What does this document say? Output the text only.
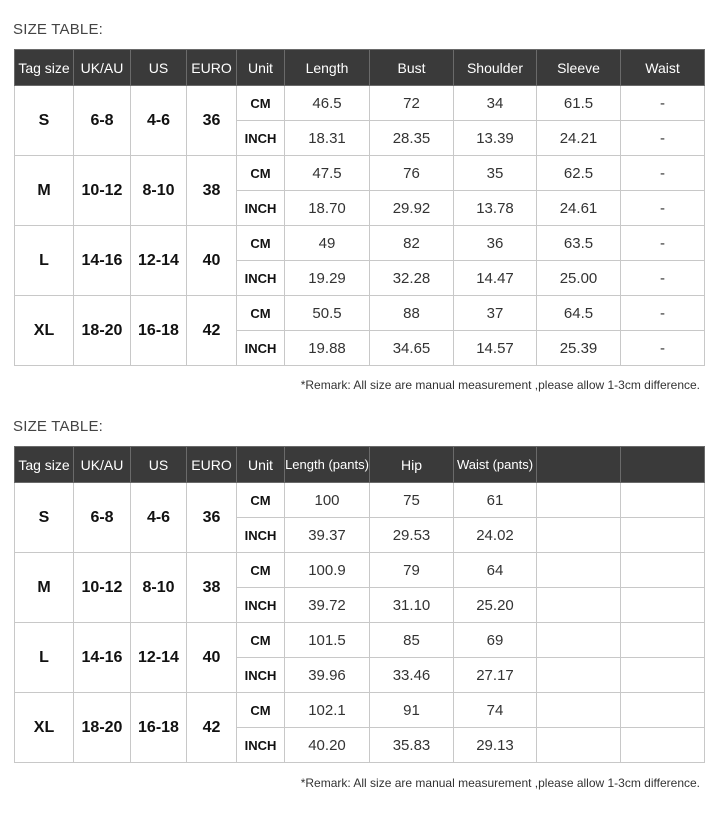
SIZE TABLE:
Tag size	UK/AU	US	EURO	Unit	Length	Bust	Shoulder	Sleeve	Waist
S	6-8	4-6	36	CM	46.5	72	34	61.5	-
				INCH	18.31	28.35	13.39	24.21	-
M	10-12	8-10	38	CM	47.5	76	35	62.5	-
				INCH	18.70	29.92	13.78	24.61	-
L	14-16	12-14	40	CM	49	82	36	63.5	-
				INCH	19.29	32.28	14.47	25.00	-
XL	18-20	16-18	42	CM	50.5	88	37	64.5	-
				INCH	19.88	34.65	14.57	25.39	-
*Remark: All size are manual measurement ,please allow 1-3cm difference.
SIZE TABLE:
Tag size	UK/AU	US	EURO	Unit	Length (pants)	Hip	Waist (pants)		
S	6-8	4-6	36	CM	100	75	61		
				INCH	39.37	29.53	24.02		
M	10-12	8-10	38	CM	100.9	79	64		
				INCH	39.72	31.10	25.20		
L	14-16	12-14	40	CM	101.5	85	69		
				INCH	39.96	33.46	27.17		
XL	18-20	16-18	42	CM	102.1	91	74		
				INCH	40.20	35.83	29.13		
*Remark: All size are manual measurement ,please allow 1-3cm difference.
